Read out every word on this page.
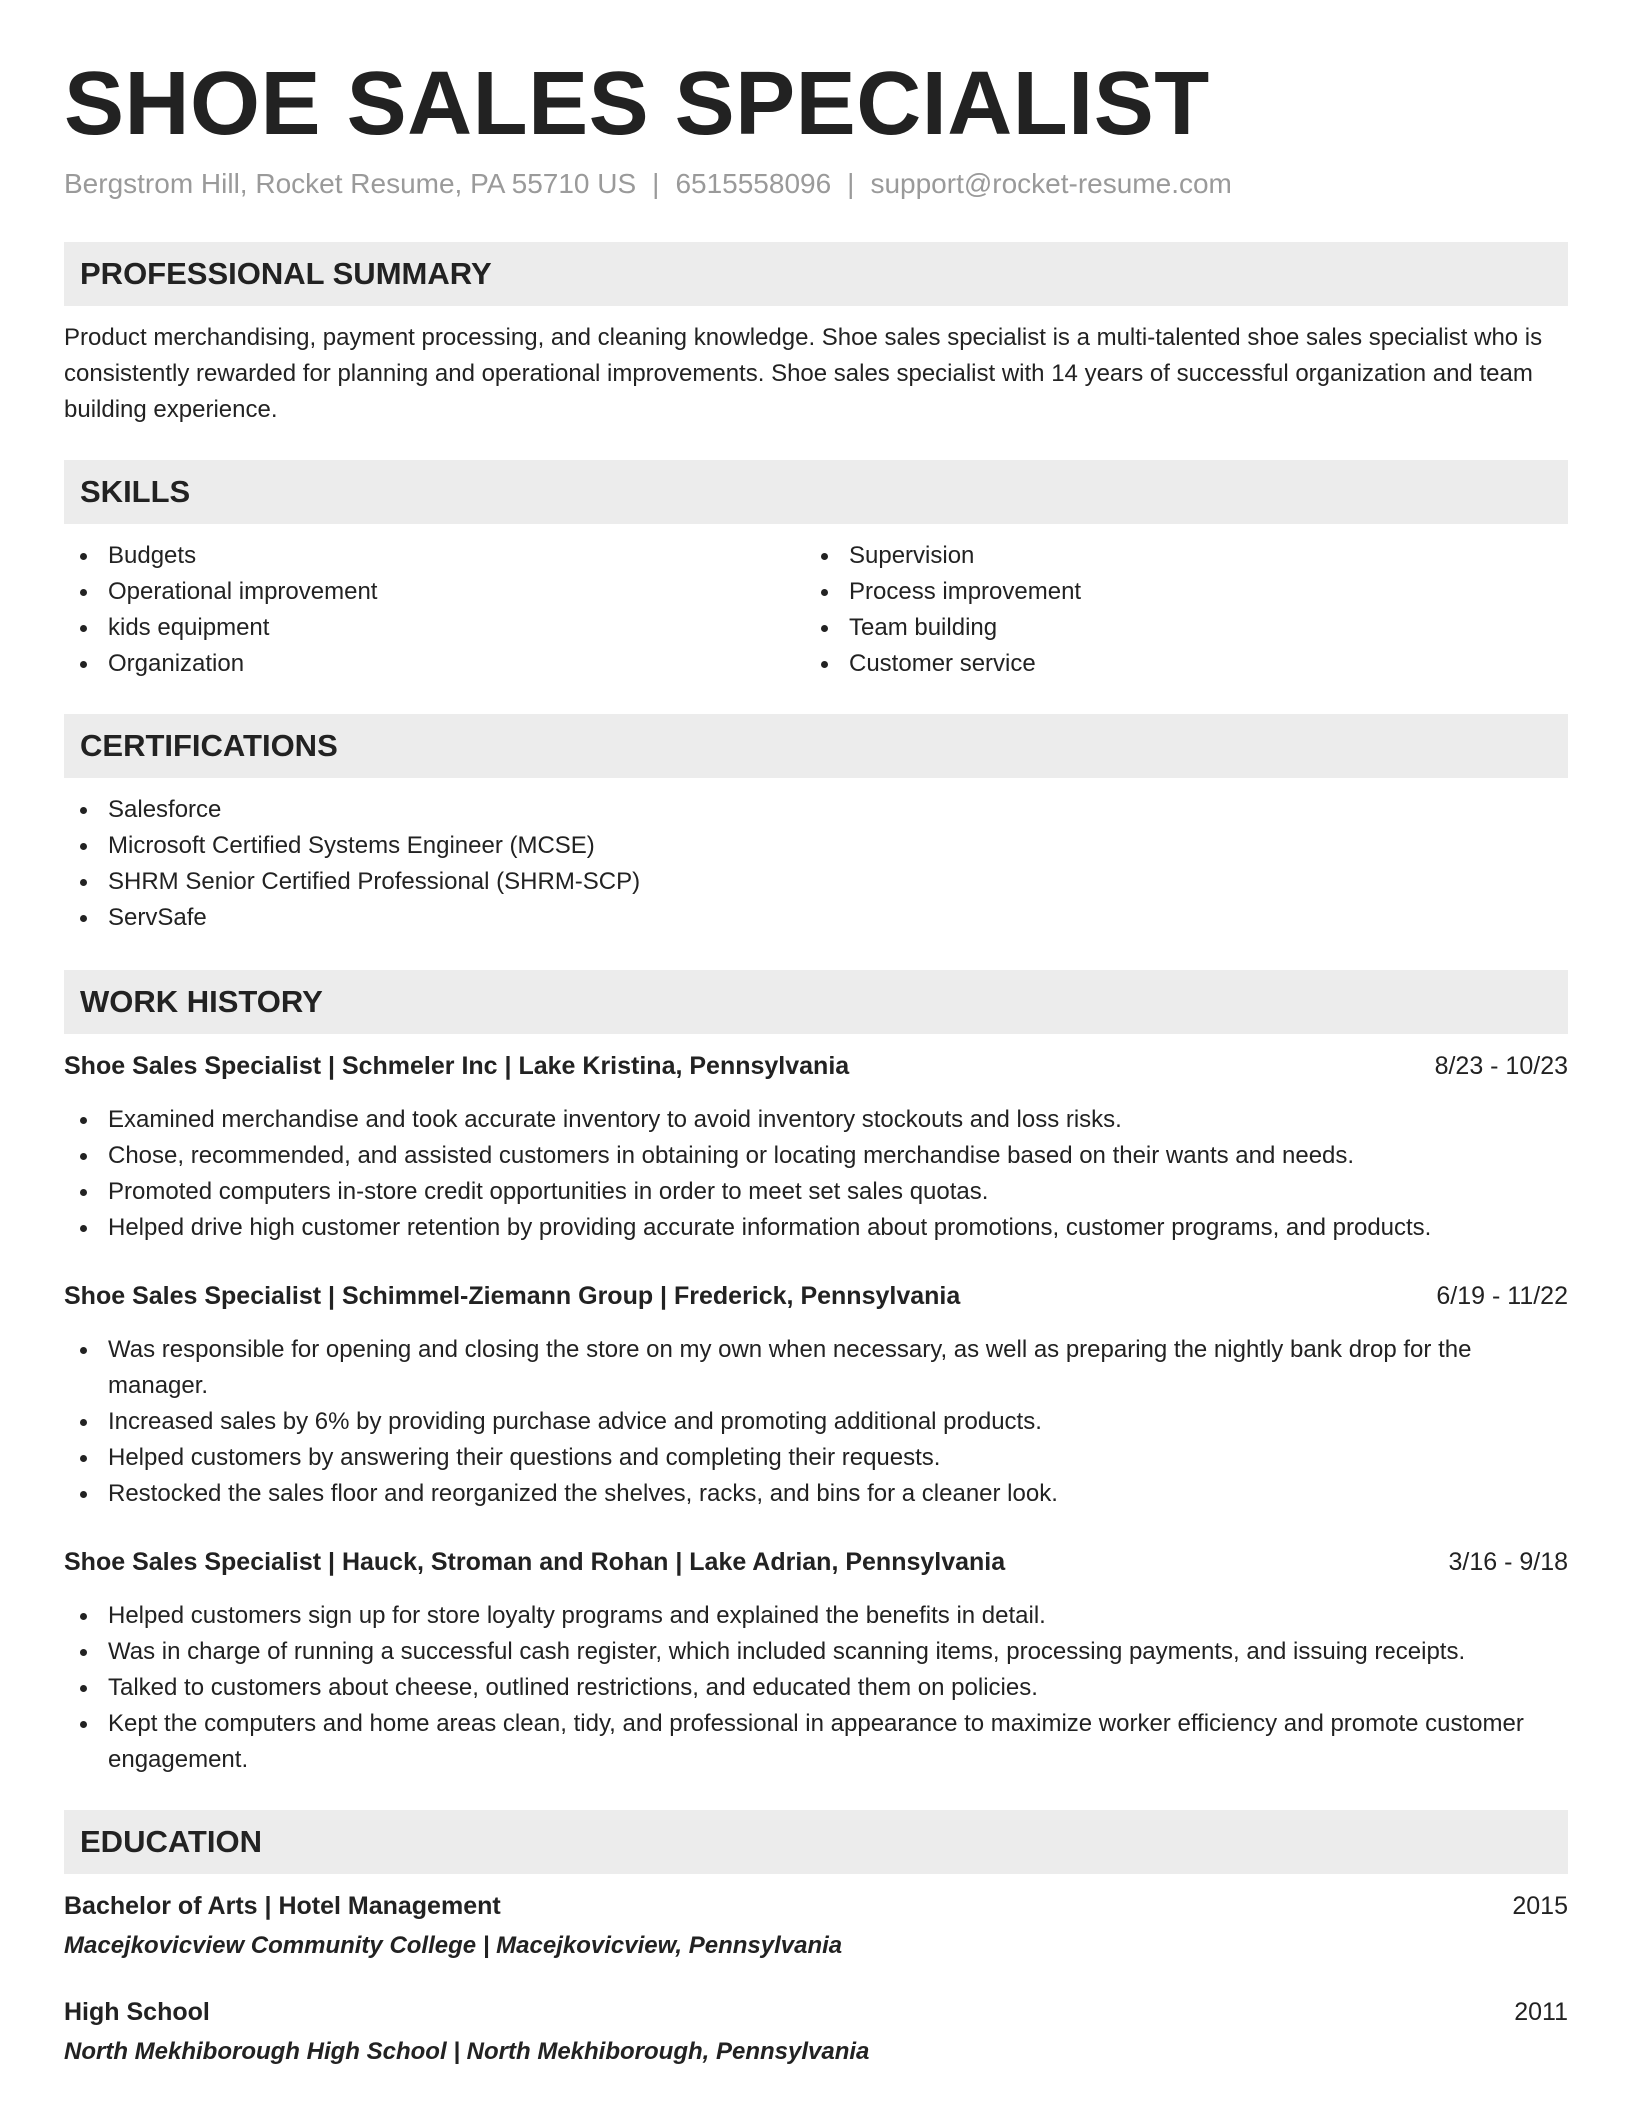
SHOE SALES SPECIALIST
Bergstrom Hill, Rocket Resume, PA 55710 US | 6515558096 | support@rocket-resume.com
PROFESSIONAL SUMMARY

Product merchandising, payment processing, and cleaning knowledge. Shoe sales specialist is a multi-talented shoe sales specialist who is consistently rewarded for planning and operational improvements. Shoe sales specialist with 14 years of successful organization and team building experience.

SKILLS
Budgets
Operational improvement
kids equipment
Organization
Supervision
Process improvement
Team building
Customer service
CERTIFICATIONS
Salesforce
Microsoft Certified Systems Engineer (MCSE)
SHRM Senior Certified Professional (SHRM-SCP)
ServSafe
WORK HISTORY
Shoe Sales Specialist | Schmeler Inc | Lake Kristina, Pennsylvania	8/23 - 10/23
Examined merchandise and took accurate inventory to avoid inventory stockouts and loss risks.
Chose, recommended, and assisted customers in obtaining or locating merchandise based on their wants and needs.
Promoted computers in-store credit opportunities in order to meet set sales quotas.
Helped drive high customer retention by providing accurate information about promotions, customer programs, and products.
Shoe Sales Specialist | Schimmel-Ziemann Group | Frederick, Pennsylvania	6/19 - 11/22
Was responsible for opening and closing the store on my own when necessary, as well as preparing the nightly bank drop for the manager.
Increased sales by 6% by providing purchase advice and promoting additional products.
Helped customers by answering their questions and completing their requests.
Restocked the sales floor and reorganized the shelves, racks, and bins for a cleaner look.
Shoe Sales Specialist | Hauck, Stroman and Rohan | Lake Adrian, Pennsylvania	3/16 - 9/18
Helped customers sign up for store loyalty programs and explained the benefits in detail.
Was in charge of running a successful cash register, which included scanning items, processing payments, and issuing receipts.
Talked to customers about cheese, outlined restrictions, and educated them on policies.
Kept the computers and home areas clean, tidy, and professional in appearance to maximize worker efficiency and promote customer engagement.
EDUCATION
Bachelor of Arts | Hotel Management	2015
Macejkovicview Community College | Macejkovicview, Pennsylvania
High School	2011
North Mekhiborough High School | North Mekhiborough, Pennsylvania
